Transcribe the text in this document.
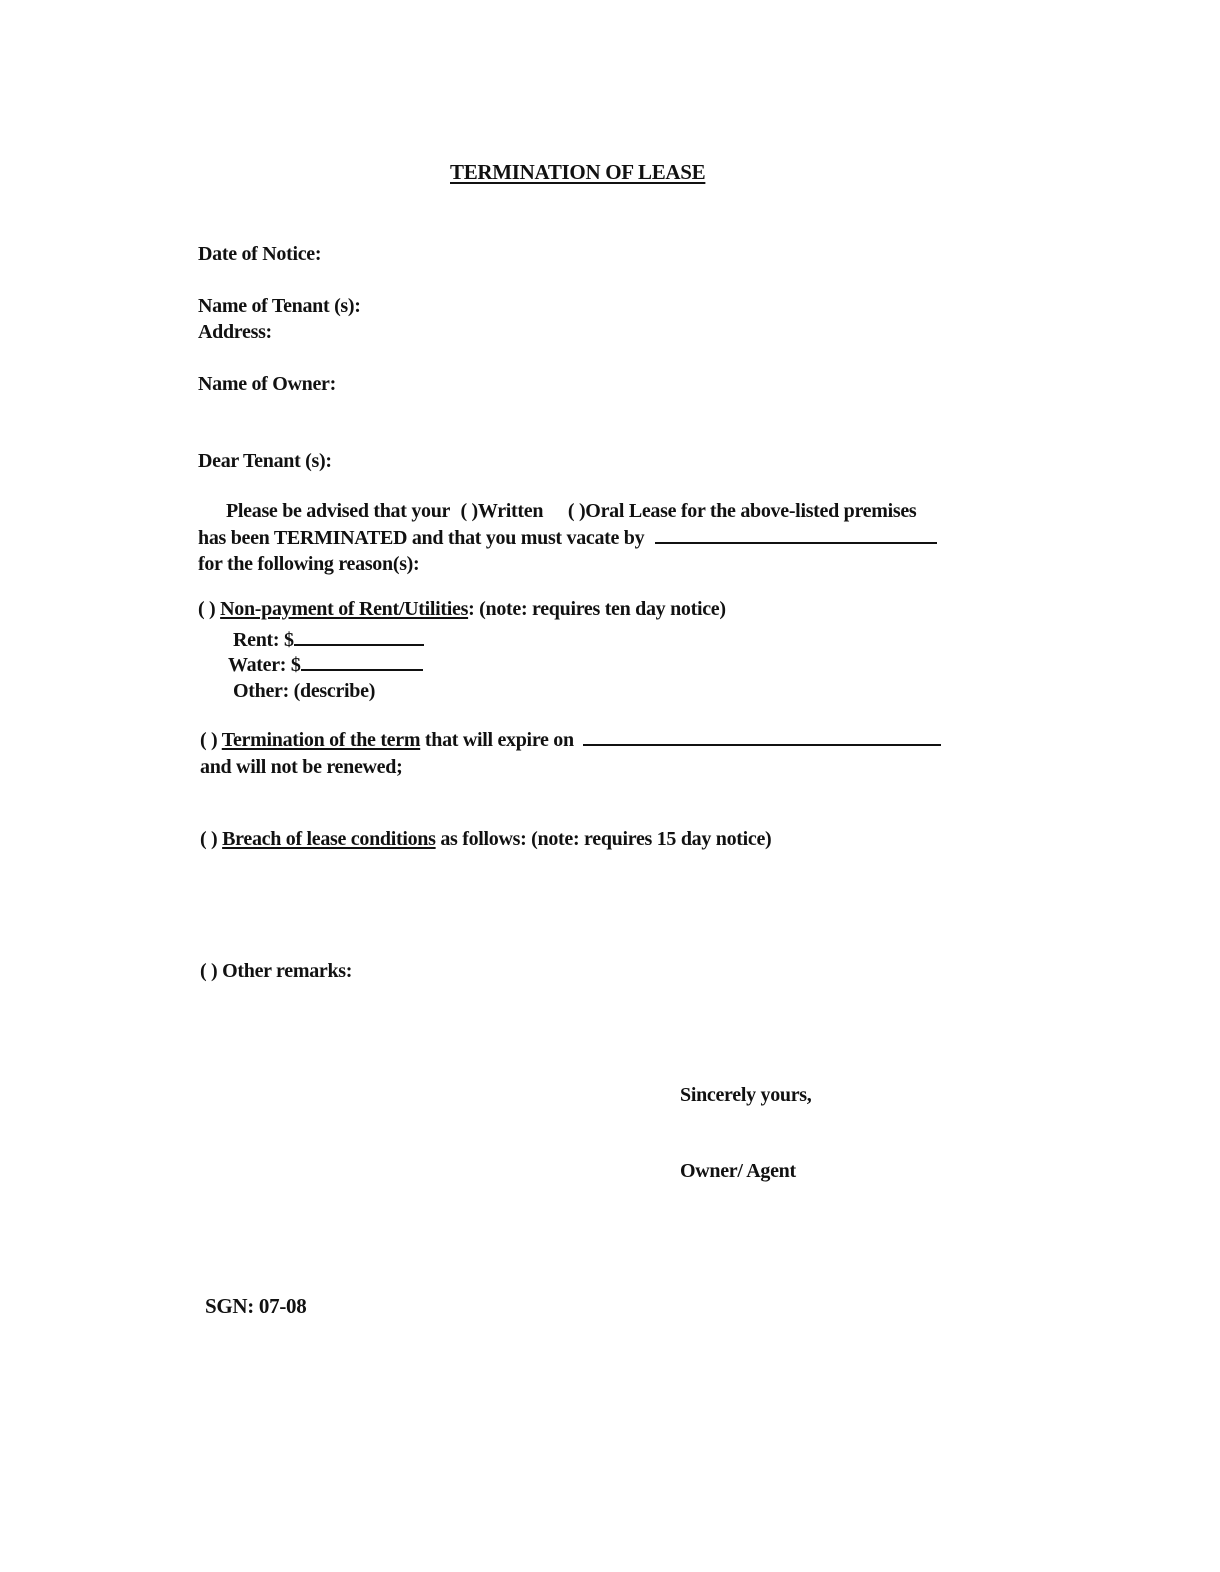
TERMINATION OF LEASE
Date of Notice:
Name of Tenant (s):
Address:
Name of Owner:
Dear Tenant (s):
Please be advised that your ( )Written ( )Oral Lease for the above-listed premises
has been TERMINATED and that you must vacate by
for the following reason(s):
( ) Non-payment of Rent/Utilities: (note: requires ten day notice)
Rent: $
Water: $
Other: (describe)
( ) Termination of the term that will expire on
and will not be renewed;
( ) Breach of lease conditions as follows: (note: requires 15 day notice)
( ) Other remarks:
Sincerely yours,
Owner/ Agent
SGN: 07-08
